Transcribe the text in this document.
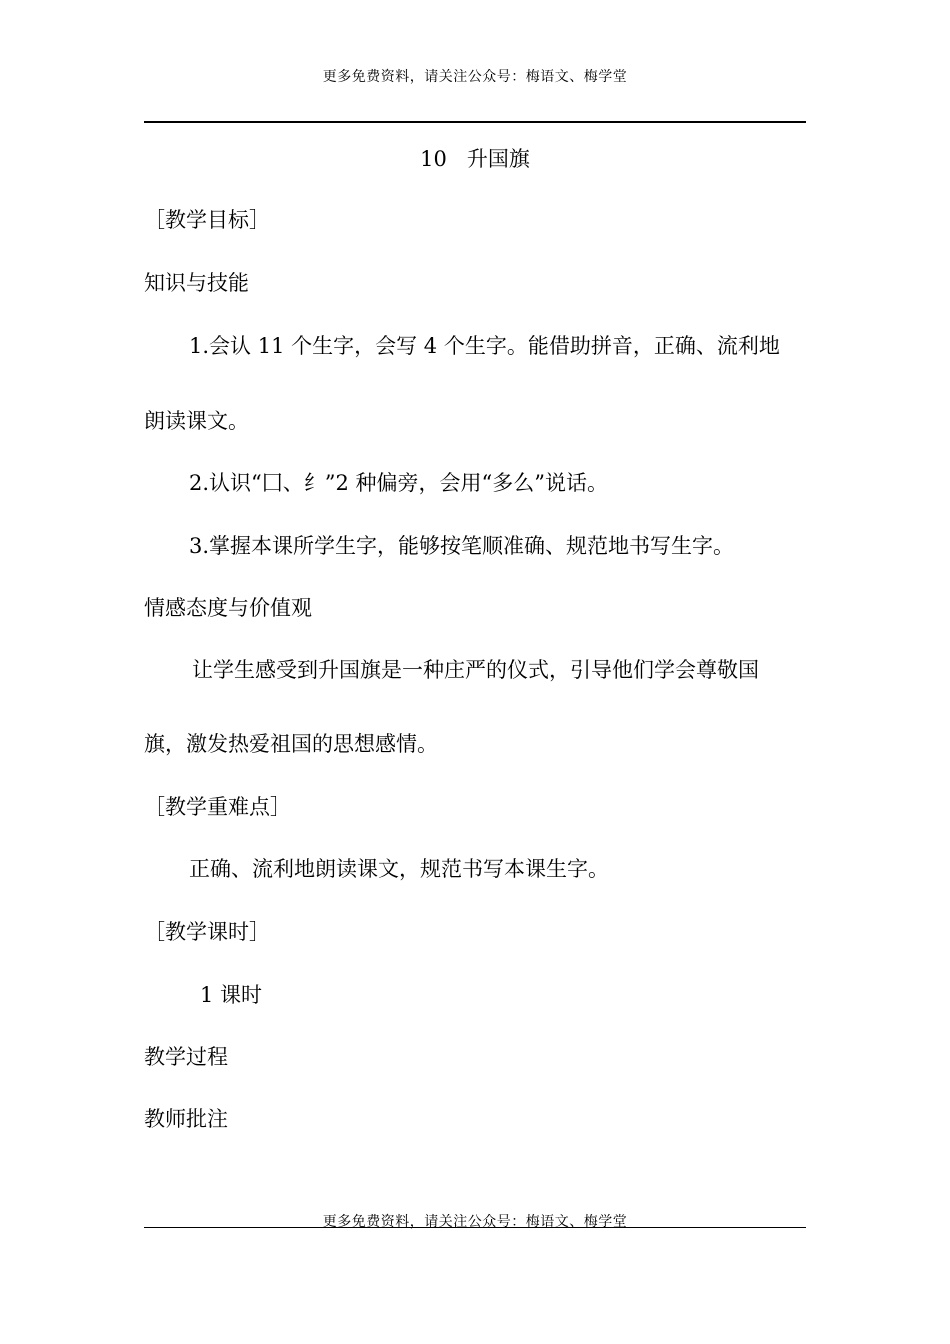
更多免费资料，请关注公众号：梅语文、梅学堂
10 升国旗
［教学目标］
知识与技能
1.会认 11 个生字，会写 4 个生字。能借助拼音，正确、流利地
朗读课文。
2.认识“囗、纟”2 种偏旁，会用“多么”说话。
3.掌握本课所学生字，能够按笔顺准确、规范地书写生字。
情感态度与价值观
让学生感受到升国旗是一种庄严的仪式，引导他们学会尊敬国
旗，激发热爱祖国的思想感情。
［教学重难点］
正确、流利地朗读课文，规范书写本课生字。
［教学课时］
1 课时
教学过程
教师批注
更多免费资料，请关注公众号：梅语文、梅学堂
